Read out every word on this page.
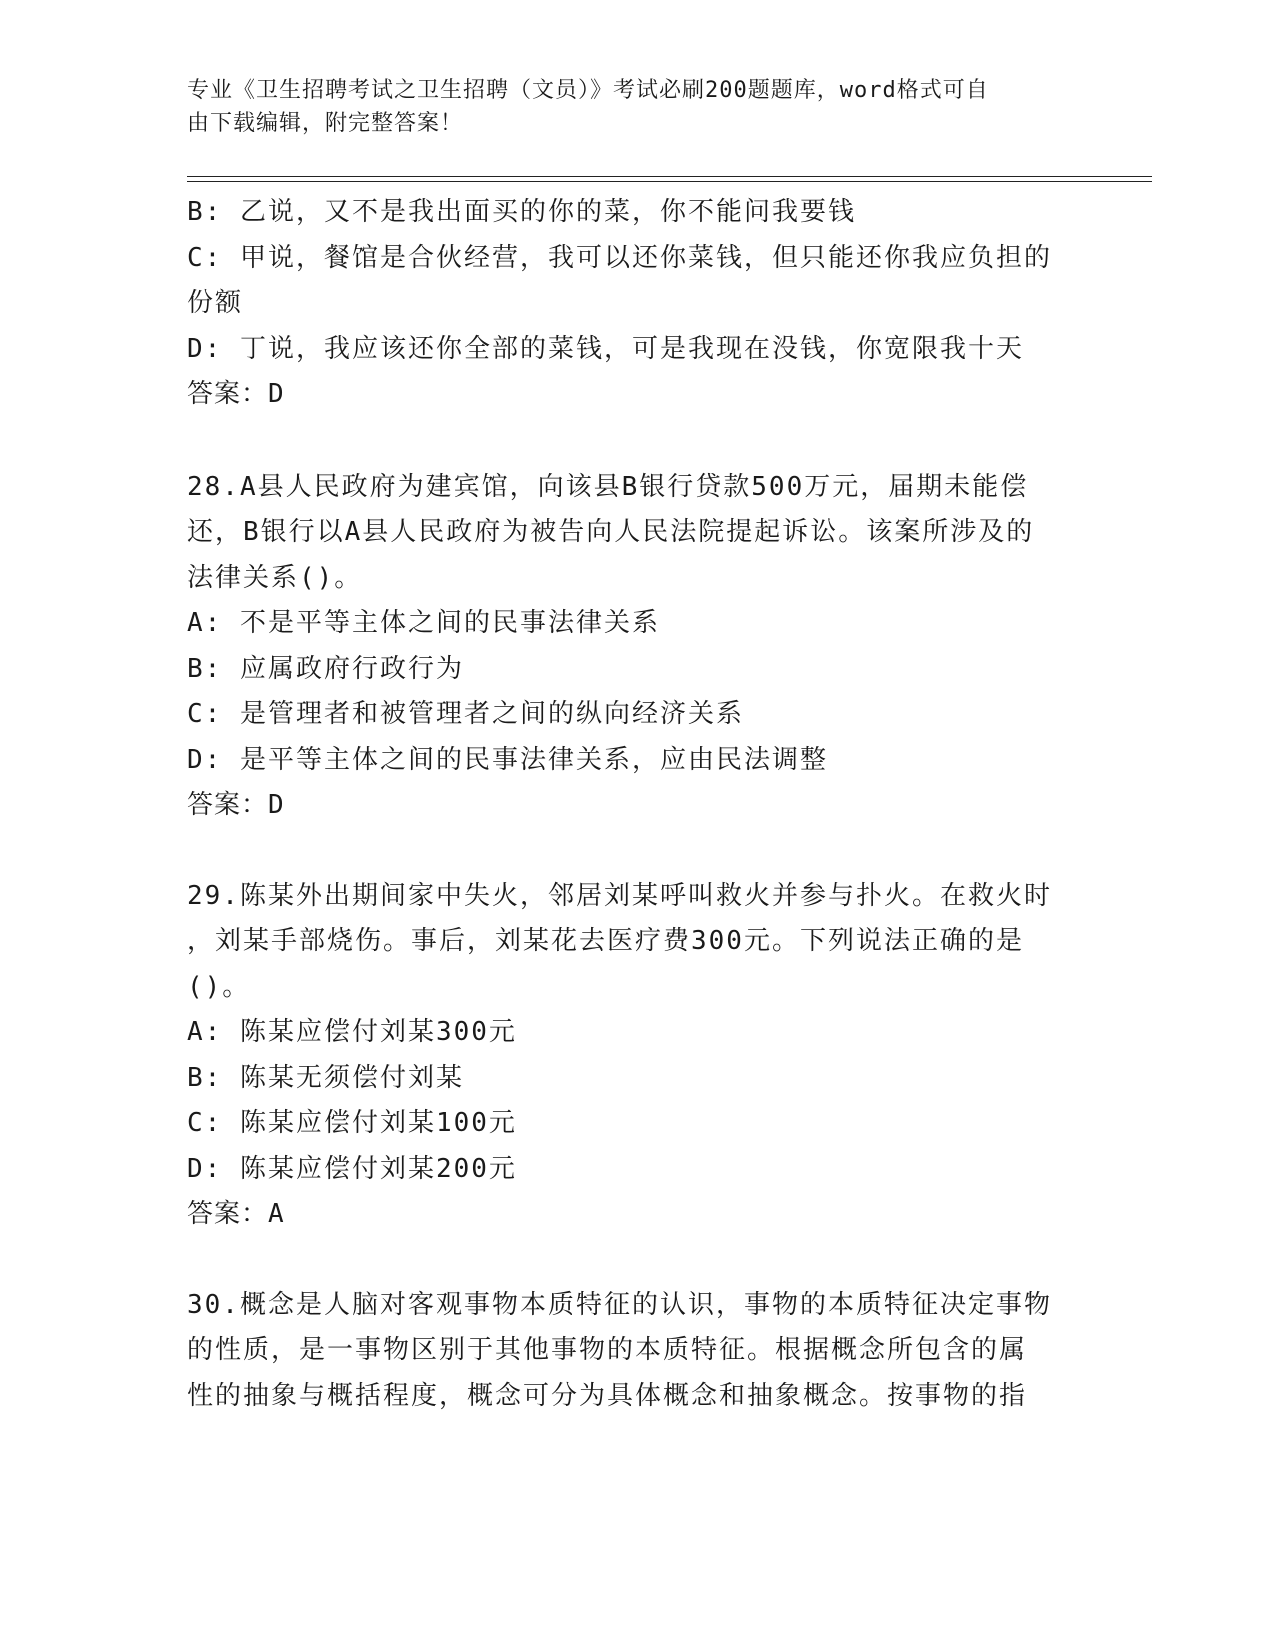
专业《卫生招聘考试之卫生招聘（文员）》考试必刷200题题库，word格式可自
由下载编辑，附完整答案！

B: 乙说，又不是我出面买的你的菜，你不能问我要钱

C: 甲说，餐馆是合伙经营，我可以还你菜钱，但只能还你我应负担的

份额

D: 丁说，我应该还你全部的菜钱，可是我现在没钱，你宽限我十天

答案：D

28.A县人民政府为建宾馆，向该县B银行贷款500万元，届期未能偿

还，B银行以A县人民政府为被告向人民法院提起诉讼。该案所涉及的

法律关系()。

A: 不是平等主体之间的民事法律关系

B: 应属政府行政行为

C: 是管理者和被管理者之间的纵向经济关系

D: 是平等主体之间的民事法律关系，应由民法调整

答案：D

29.陈某外出期间家中失火，邻居刘某呼叫救火并参与扑火。在救火时

，刘某手部烧伤。事后，刘某花去医疗费300元。下列说法正确的是

()。

A: 陈某应偿付刘某300元

B: 陈某无须偿付刘某

C: 陈某应偿付刘某100元

D: 陈某应偿付刘某200元

答案：A

30.概念是人脑对客观事物本质特征的认识，事物的本质特征决定事物

的性质，是一事物区别于其他事物的本质特征。根据概念所包含的属

性的抽象与概括程度，概念可分为具体概念和抽象概念。按事物的指
